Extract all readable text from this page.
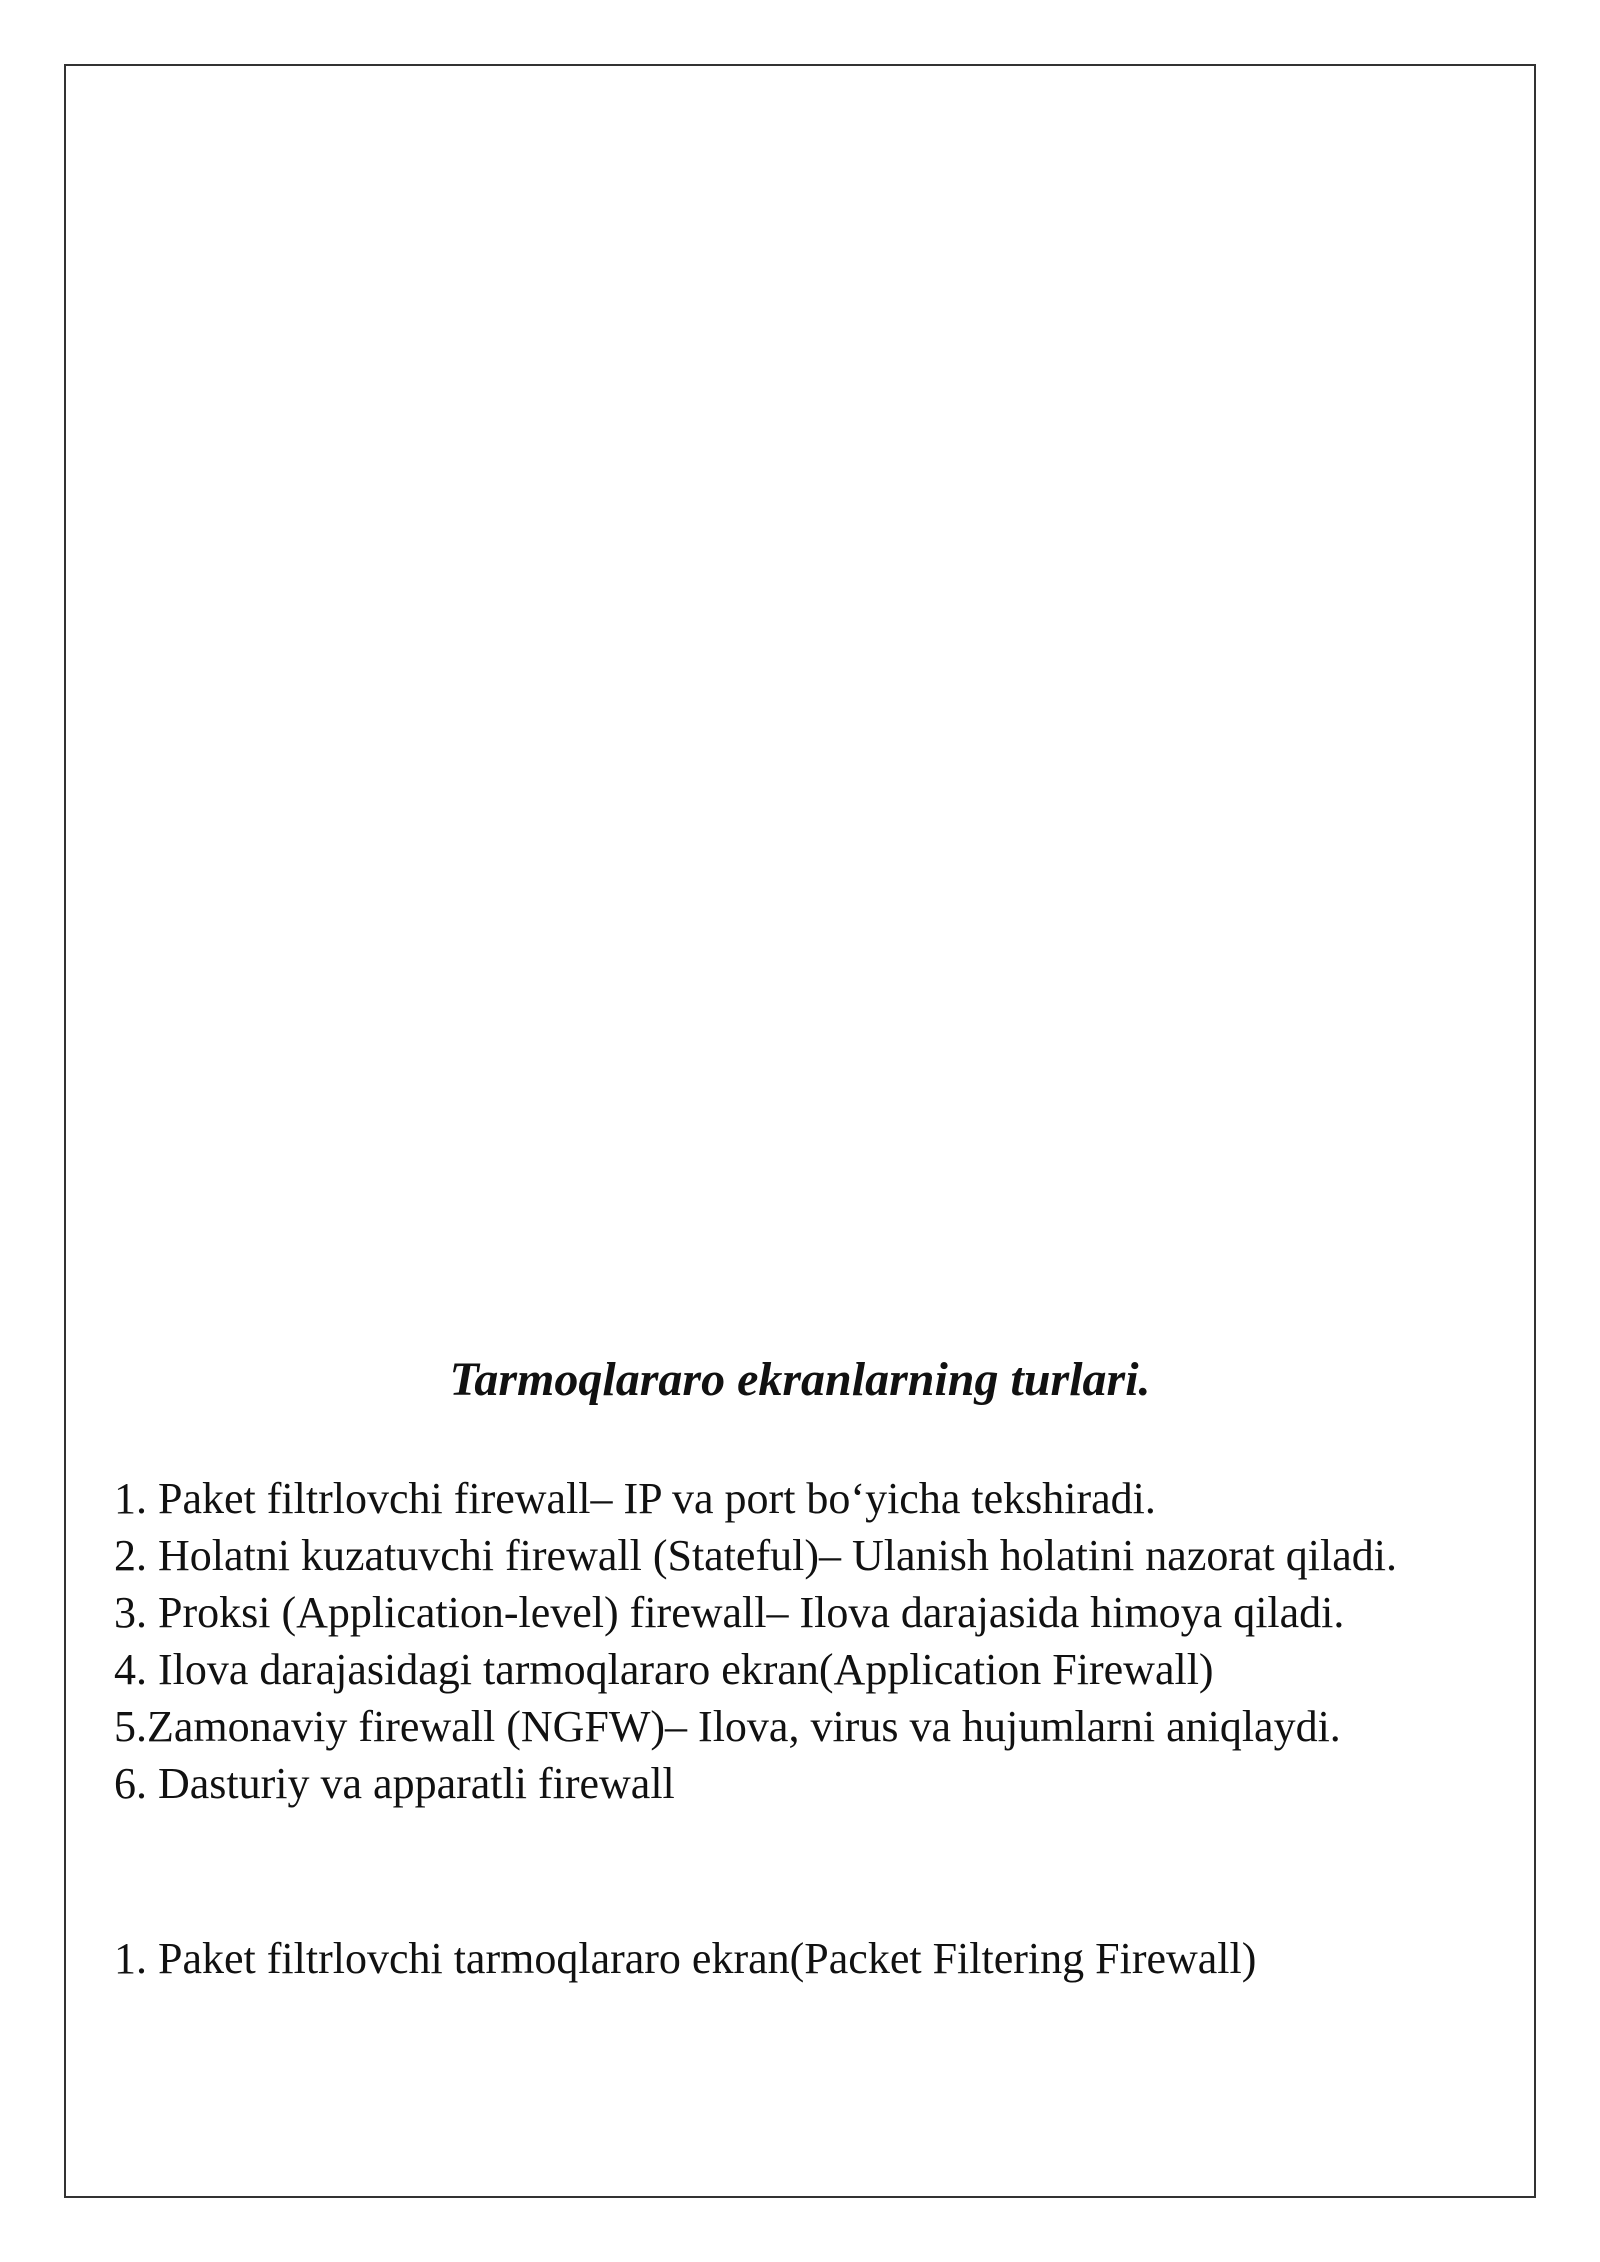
Tarmoqlararo ekranlarning turlari.
1. Paket filtrlovchi firewall– IP va port bo‘yicha tekshiradi.
2. Holatni kuzatuvchi firewall (Stateful)– Ulanish holatini nazorat qiladi.
3. Proksi (Application-level) firewall– Ilova darajasida himoya qiladi.
4. Ilova darajasidagi tarmoqlararo ekran(Application Firewall)
5.Zamonaviy firewall (NGFW)– Ilova, virus va hujumlarni aniqlaydi.
6. Dasturiy va apparatli firewall

1. Paket filtrlovchi tarmoqlararo ekran(Packet Filtering Firewall)
